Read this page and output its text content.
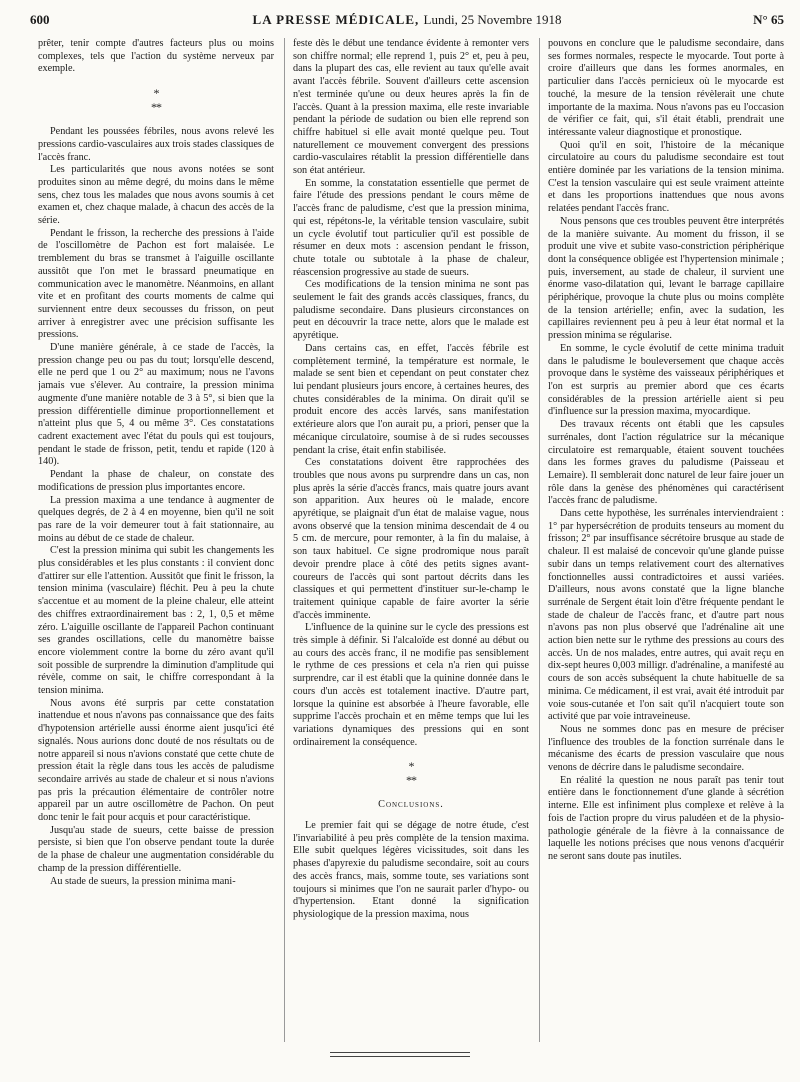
600	LA PRESSE MÉDICALE, Lundi, 25 Novembre 1918	N° 65

prêter, tenir compte d'autres facteurs plus ou moins complexes, tels que l'action du système nerveux par exemple.

*
**

Pendant les poussées fébriles, nous avons relevé les pressions cardio-vasculaires aux trois stades classiques de l'accès franc.

Les particularités que nous avons notées se sont produites sinon au même degré, du moins dans le même sens, chez tous les malades que nous avons soumis à cet examen et, chez chaque malade, à chacun des accès de la série.

Pendant le frisson, la recherche des pressions à l'aide de l'oscillomètre de Pachon est fort malaisée. Le tremblement du bras se transmet à l'aiguille oscillante aussitôt que l'on met le brassard pneumatique en communication avec le manomètre. Néanmoins, en allant vite et en profitant des courts moments de calme qui surviennent entre deux secousses du frisson, on peut arriver à enregistrer avec une précision suffisante les pressions.

D'une manière générale, à ce stade de l'accès, la pression change peu ou pas du tout; lorsqu'elle descend, elle ne perd que 1 ou 2° au maximum; nous ne l'avons jamais vue s'élever. Au contraire, la pression minima augmente d'une manière notable de 3 à 5°, si bien que la pression différentielle diminue proportionnellement et n'atteint plus que 5, 4 ou même 3°. Ces constatations cadrent exactement avec l'état du pouls qui est toujours, pendant le stade de frisson, petit, tendu et rapide (120 à 140).

Pendant la phase de chaleur, on constate des modifications de pression plus importantes encore.

La pression maxima a une tendance à augmenter de quelques degrés, de 2 à 4 en moyenne, bien qu'il ne soit pas rare de la voir demeurer tout à fait stationnaire, au moins au début de ce stade de chaleur.

C'est la pression minima qui subit les changements les plus considérables et les plus constants : il convient donc d'attirer sur elle l'attention. Aussitôt que finit le frisson, la tension minima (vasculaire) fléchit. Peu à peu la chute s'accentue et au moment de la pleine chaleur, elle atteint des chiffres extraordinairement bas : 2, 1, 0,5 et même zéro. L'aiguille oscillante de l'appareil Pachon continuant ses grandes oscillations, celle du manomètre baisse encore violemment contre la borne du zéro avant qu'il soit possible de surprendre la diminution d'amplitude qui révèle, comme on sait, le chiffre correspondant à la tension minima.

Nous avons été surpris par cette constatation inattendue et nous n'avons pas connaissance que des faits d'hypotension artérielle aussi énorme aient jusqu'ici été signalés. Nous aurions donc douté de nos résultats ou de notre appareil si nous n'avions constaté que cette chute de pression était la règle dans tous les accès de paludisme secondaire arrivés au stade de chaleur et si nous n'avions pas pris la précaution élémentaire de contrôler notre appareil par un autre oscillomètre de Pachon. On peut donc tenir le fait pour acquis et pour caractéristique.

Jusqu'au stade de sueurs, cette baisse de pression persiste, si bien que l'on observe pendant toute la durée de la phase de chaleur une augmentation considérable du champ de la pression différentielle.

Au stade de sueurs, la pression minima mani-

feste dès le début une tendance évidente à remonter vers son chiffre normal; elle reprend 1, puis 2° et, peu à peu, dans la plupart des cas, elle revient au taux qu'elle avait avant l'accès fébrile. Souvent d'ailleurs cette ascension n'est terminée qu'une ou deux heures après la fin de l'accès. Quant à la pression maxima, elle reste invariable pendant la période de sudation ou bien elle reprend son chiffre habituel si elle avait monté quelque peu. Tout naturellement ce mouvement convergent des pressions cardio-vasculaires rétablit la pression différentielle dans son état antérieur.

En somme, la constatation essentielle que permet de faire l'étude des pressions pendant le cours même de l'accès franc de paludisme, c'est que la pression minima, qui est, répétons-le, la véritable tension vasculaire, subit un cycle évolutif tout particulier qu'il est possible de résumer en deux mots : ascension pendant le frisson, chute totale ou subtotale à la phase de chaleur, réascension progressive au stade de sueurs.

Ces modifications de la tension minima ne sont pas seulement le fait des grands accès classiques, francs, du paludisme secondaire. Dans plusieurs circonstances on peut en découvrir la trace nette, alors que le malade est apyrétique.

Dans certains cas, en effet, l'accès fébrile est complètement terminé, la température est normale, le malade se sent bien et cependant on peut constater chez lui pendant plusieurs jours encore, à certaines heures, des chutes considérables de la minima. On dirait qu'il se produit encore des accès larvés, sans manifestation extérieure alors que l'on aurait pu, a priori, penser que la mécanique circulatoire, soumise à de si rudes secousses pendant la crise, était enfin stabilisée.

Ces constatations doivent être rapprochées des troubles que nous avons pu surprendre dans un cas, non plus après la série d'accès francs, mais quatre jours avant son apparition. Aux heures où le malade, encore apyrétique, se plaignait d'un état de malaise vague, nous avons observé que la tension minima descendait de 4 ou 5 cm. de mercure, pour remonter, à la fin du malaise, à son taux habituel. Ce signe prodromique nous paraît devoir prendre place à côté des petits signes avant-coureurs de l'accès qui sont partout décrits dans les classiques et qui permettent d'instituer sur-le-champ le traitement quinique capable de faire avorter la série d'accès imminente.

L'influence de la quinine sur le cycle des pressions est très simple à définir. Si l'alcaloïde est donné au début ou au cours des accès franc, il ne modifie pas sensiblement le rythme de ces pressions et cela n'a rien qui puisse surprendre, car il est établi que la quinine donnée dans le cours d'un accès est totalement inactive. D'autre part, lorsque la quinine est absorbée à l'heure favorable, elle supprime l'accès prochain et en même temps que lui les variations dynamiques des pressions qui en sont ordinairement la conséquence.

*
**
Conclusions.

Le premier fait qui se dégage de notre étude, c'est l'invariabilité à peu près complète de la tension maxima. Elle subit quelques légères vicissitudes, soit dans les phases d'apyrexie du paludisme secondaire, soit au cours des accès francs, mais, somme toute, ses variations sont toujours si minimes que l'on ne saurait parler d'hypo- ou d'hypertension. Etant donné la signification physiologique de la pression maxima, nous

pouvons en conclure que le paludisme secondaire, dans ses formes normales, respecte le myocarde. Tout porte à croire d'ailleurs que dans les formes anormales, en particulier dans l'accès pernicieux où le myocarde est touché, la mesure de la tension révèlerait une chute importante de la maxima. Nous n'avons pas eu l'occasion de vérifier ce fait, qui, s'il était établi, prendrait une intéressante valeur diagnostique et pronostique.

Quoi qu'il en soit, l'histoire de la mécanique circulatoire au cours du paludisme secondaire est tout entière dominée par les variations de la tension minima. C'est la tension vasculaire qui est seule vraiment atteinte et dans les proportions inattendues que nous avons relatées pendant l'accès franc.

Nous pensons que ces troubles peuvent être interprétés de la manière suivante. Au moment du frisson, il se produit une vive et subite vaso-constriction périphérique dont la conséquence obligée est l'hypertension minimale ; puis, inversement, au stade de chaleur, il survient une énorme vaso-dilatation qui, levant le barrage capillaire périphérique, provoque la chute plus ou moins complète de la tension artérielle; enfin, avec la sudation, les capillaires reviennent peu à peu à leur état normal et la pression minima se régularise.

En somme, le cycle évolutif de cette minima traduit dans le paludisme le bouleversement que chaque accès provoque dans le système des vaisseaux périphériques et l'on est surpris au premier abord que ces écarts considérables de la pression artérielle aient si peu d'influence sur la pression maxima, myocardique.

Des travaux récents ont établi que les capsules surrénales, dont l'action régulatrice sur la mécanique circulatoire est remarquable, étaient souvent touchées dans les formes graves du paludisme (Paisseau et Lemaire). Il semblerait donc naturel de leur faire jouer un rôle dans la genèse des phénomènes qui caractérisent l'accès franc de paludisme.

Dans cette hypothèse, les surrénales interviendraient : 1° par hypersécrétion de produits tenseurs au moment du frisson; 2° par insuffisance sécrétoire brusque au stade de chaleur. Il est malaisé de concevoir qu'une glande puisse subir dans un temps relativement court des alternatives fonctionnelles aussi contradictoires et aussi variées. D'ailleurs, nous avons constaté que la ligne blanche surrénale de Sergent était loin d'être fréquente pendant le stade de chaleur de l'accès franc, et d'autre part nous n'avons pas non plus observé que l'adrénaline ait une action bien nette sur le rythme des pressions au cours des accès. Un de nos malades, entre autres, qui avait reçu en dix-sept heures 0,003 milligr. d'adrénaline, a manifesté au cours de son accès subséquent la chute habituelle de sa minima. Ce médicament, il est vrai, avait été introduit par voie sous-cutanée et l'on sait qu'il n'acquiert toute son activité que par voie intraveineuse.

Nous ne sommes donc pas en mesure de préciser l'influence des troubles de la fonction surrénale dans le mécanisme des écarts de pression vasculaire que nous venons de décrire dans le paludisme secondaire.

En réalité la question ne nous paraît pas tenir tout entière dans le fonctionnement d'une glande à sécrétion interne. Elle est infiniment plus complexe et relève à la fois de l'action propre du virus paludéen et de la physio-pathologie générale de la fièvre à la connaissance de laquelle les notions précises que nous venons d'acquérir ne seront sans doute pas inutiles.
